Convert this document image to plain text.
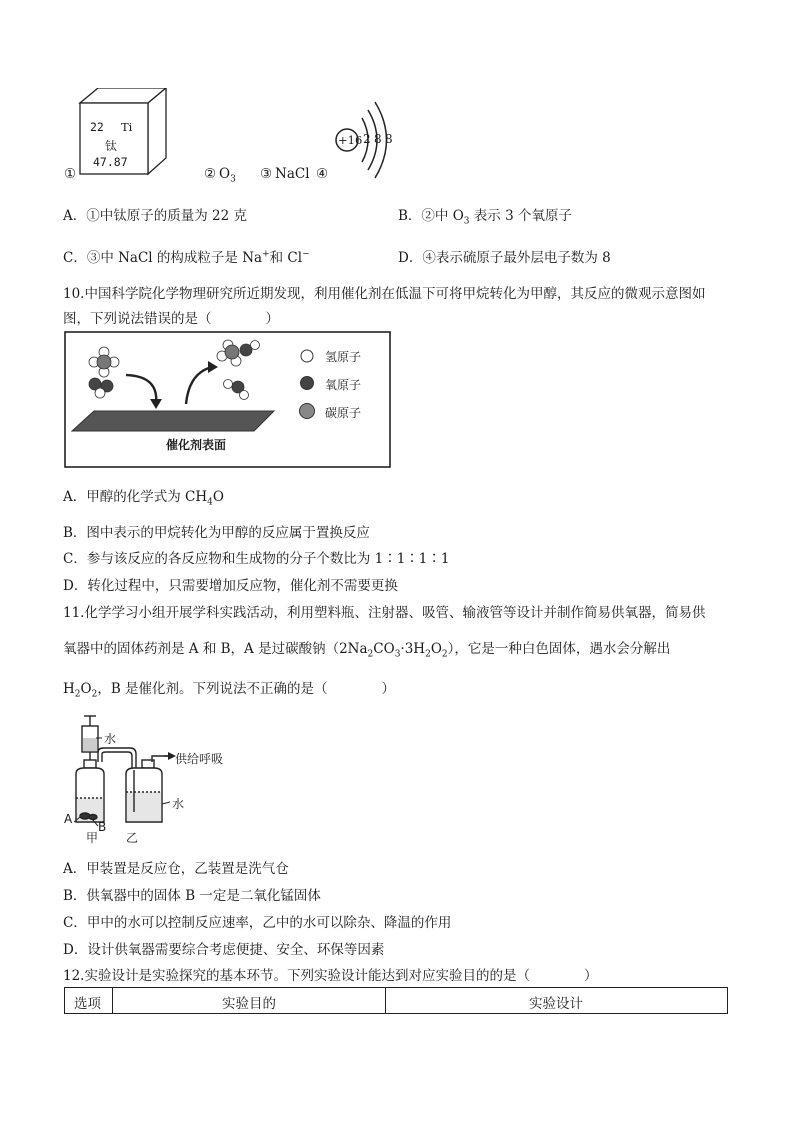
22 Ti
钛
47.87
+16 2 8 8
①	② $O_3$ ③ NaCl ④
A．①中钛原子的质量为 22 克	B．②中 $O_3$ 表示 3 个氧原子
C．③中 NaCl 的构成粒子是 Na+和 Cl−	D．④表示硫原子最外层电子数为 8
10.中国科学院化学物理研究所近期发现，利用催化剂在低温下可将甲烷转化为甲醇，其反应的微观示意图如
图，下列说法错误的是（　　　　）
氢原子
氧原子
碳原子
催化剂表面
A．甲醇的化学式为 $CH_4O$
B．图中表示的甲烷转化为甲醇的反应属于置换反应
C．参与该反应的各反应物和生成物的分子个数比为 1∶1∶1∶1
D．转化过程中，只需要增加反应物，催化剂不需要更换
11.化学学习小组开展学科实践活动，利用塑料瓶、注射器、吸管、输液管等设计并制作简易供氧器，简易供
氧器中的固体药剂是 A 和 B，A 是过碳酸钠$(2Na_2CO_3\cdot 3H_2O_2)$，它是一种白色固体，遇水会分解出
$H_2O_2$，B 是催化剂。下列说法不正确的是（　　　　）
水
供给呼吸
水
A
B
甲 乙
A．甲装置是反应仓，乙装置是洗气仓
B．供氧器中的固体 B 一定是二氧化锰固体
C．甲中的水可以控制反应速率，乙中的水可以除杂、降温的作用
D．设计供氧器需要综合考虑便捷、安全、环保等因素
12.实验设计是实验探究的基本环节。下列实验设计能达到对应实验目的的是（　　　　）
选项	实验目的	实验设计
